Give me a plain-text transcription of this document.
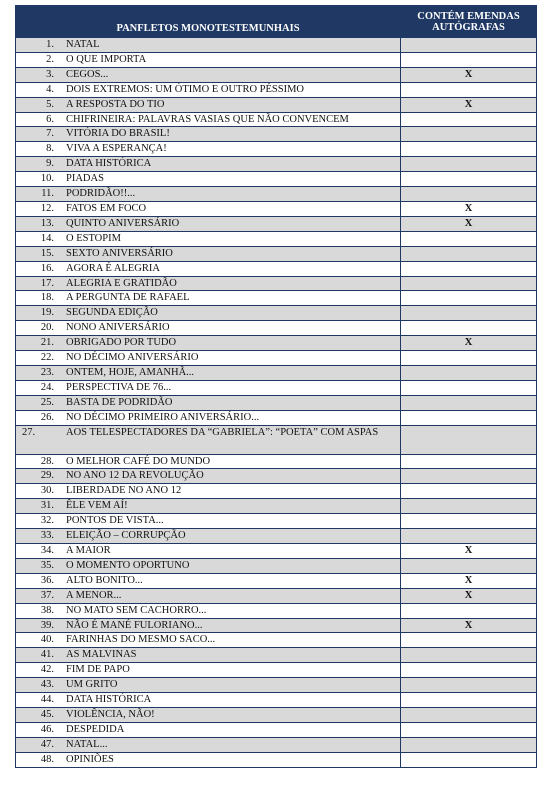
PANFLETOS MONOTESTEMUNHAIS	CONTÉM EMENDAS AUTÓGRAFAS
1. NATAL	
2. O QUE IMPORTA	
3. CEGOS...	X
4. DOIS EXTREMOS: UM ÓTIMO E OUTRO PÉSSIMO	
5. A RESPOSTA DO TIO	X
6. CHIFRINEIRA: PALAVRAS VASIAS QUE NÃO CONVENCEM	
7. VITÓRIA DO BRASIL!	
8. VIVA A ESPERANÇA!	
9. DATA HISTÓRICA	
10. PIADAS	
11. PODRIDÃO!!...	
12. FATOS EM FOCO	X
13. QUINTO ANIVERSÁRIO	X
14. O ESTOPIM	
15. SEXTO ANIVERSÁRIO	
16. AGORA É ALEGRIA	
17. ALEGRIA E GRATIDÃO	
18. A PERGUNTA DE RAFAEL	
19. SEGUNDA EDIÇÃO	
20. NONO ANIVERSÁRIO	
21. OBRIGADO POR TUDO	X
22. NO DÉCIMO ANIVERSÁRIO	
23. ONTEM, HOJE, AMANHÃ...	
24. PERSPECTIVA DE 76...	
25. BASTA DE PODRIDÃO	
26. NO DÉCIMO PRIMEIRO ANIVERSÁRIO...	

27. AOS TELESPECTADORES DA “GABRIELA”: “POETA” COM ASPAS	

28. O MELHOR CAFÉ DO MUNDO	
29. NO ANO 12 DA REVOLUÇÃO	
30. LIBERDADE NO ANO 12	
31. ÊLE VEM AÍ!	
32. PONTOS DE VISTA...	
33. ELEIÇÃO – CORRUPÇÃO	
34. A MAIOR	X
35. O MOMENTO OPORTUNO	
36. ALTO BONITO...	X
37. A MENOR...	X
38. NO MATO SEM CACHORRO...	
39. NÃO É MANÉ FULORIANO...	X
40. FARINHAS DO MESMO SACO...	
41. AS MALVINAS	
42. FIM DE PAPO	
43. UM GRITO	
44. DATA HISTÓRICA	
45. VIOLÊNCIA, NÃO!	
46. DESPEDIDA	
47. NATAL...	
48. OPINIÕES	
